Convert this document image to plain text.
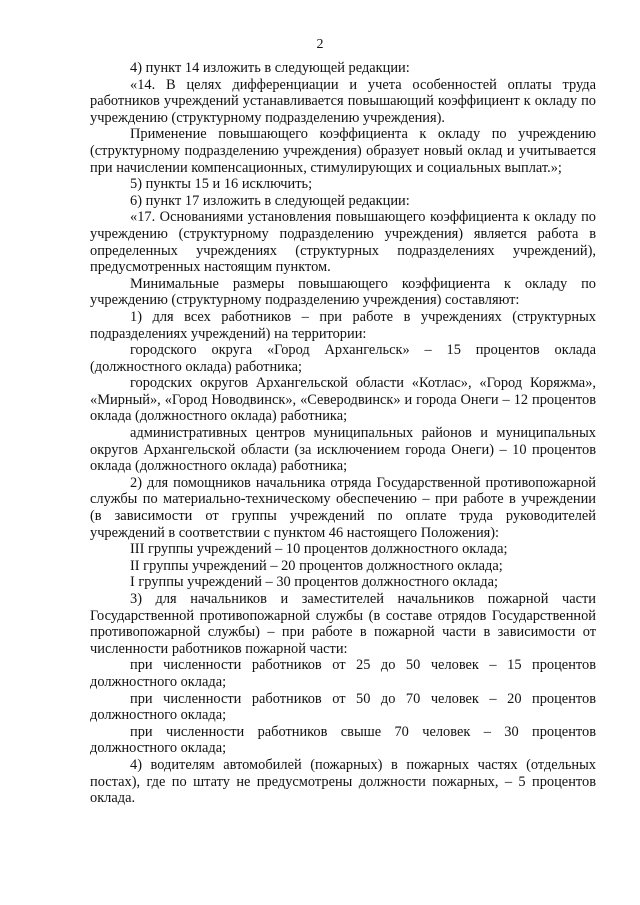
2

4) пункт 14 изложить в следующей редакции:

«14. В целях дифференциации и учета особенностей оплаты труда работников учреждений устанавливается повышающий коэффициент к окладу по учреждению (структурному подразделению учреждения).

Применение повышающего коэффициента к окладу по учреждению (структурному подразделению учреждения) образует новый оклад и учитывается при начислении компенсационных, стимулирующих и социальных выплат.»;

5) пункты 15 и 16 исключить;

6) пункт 17 изложить в следующей редакции:

«17. Основаниями установления повышающего коэффициента к окладу по учреждению (структурному подразделению учреждения) является работа в определенных учреждениях (структурных подразделениях учреждений), предусмотренных настоящим пунктом.

Минимальные размеры повышающего коэффициента к окладу по учреждению (структурному подразделению учреждения) составляют:

1) для всех работников – при работе в учреждениях (структурных подразделениях учреждений) на территории:

городского округа «Город Архангельск» – 15 процентов оклада (должностного оклада) работника;

городских округов Архангельской области «Котлас», «Город Коряжма», «Мирный», «Город Новодвинск», «Северодвинск» и города Онеги – 12 процентов оклада (должностного оклада) работника;

административных центров муниципальных районов и муниципальных округов Архангельской области (за исключением города Онеги) – 10 процентов оклада (должностного оклада) работника;

2) для помощников начальника отряда Государственной противопожарной службы по материально-техническому обеспечению – при работе в учреждении (в зависимости от группы учреждений по оплате труда руководителей учреждений в соответствии с пунктом 46 настоящего Положения):

III группы учреждений – 10 процентов должностного оклада;

II группы учреждений – 20 процентов должностного оклада;

I группы учреждений – 30 процентов должностного оклада;

3) для начальников и заместителей начальников пожарной части Государственной противопожарной службы (в составе отрядов Государственной противопожарной службы) – при работе в пожарной части в зависимости от численности работников пожарной части:

при численности работников от 25 до 50 человек – 15 процентов должностного оклада;

при численности работников от 50 до 70 человек – 20 процентов должностного оклада;

при численности работников свыше 70 человек – 30 процентов должностного оклада;

4) водителям автомобилей (пожарных) в пожарных частях (отдельных постах), где по штату не предусмотрены должности пожарных, – 5 процентов оклада.
